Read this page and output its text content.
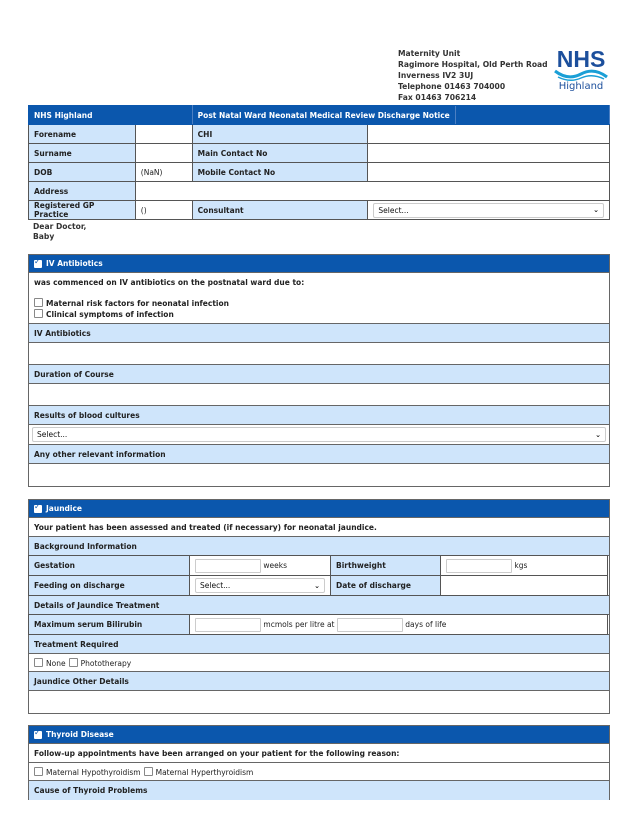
Maternity Unit
Ragimore Hospital, Old Perth Road
Inverness IV2 3UJ
Telephone 01463 704000
Fax 01463 706214
NHS
Highland
NHS Highland		Post Natal Ward Neonatal Medical Review Discharge Notice	

Forename		CHI	
Surname		Main Contact No	
DOB	(NaN)	Mobile Contact No	
Address			
Registered GP Practice	()	Consultant	Select... ⌄
Dear Doctor,
Baby
✓
IV Antibiotics
was commenced on IV antibiotics on the postnatal ward due to:
Maternal risk factors for neonatal infection
Clinical symptoms of infection
IV Antibiotics
Duration of Course
Results of blood cultures
Select...	⌄
Any other relevant information
✓
Jaundice
Your patient has been assessed and treated (if necessary) for neonatal jaundice.
Background Information
Gestation	weeks	Birthweight	kgs
Feeding on discharge	Select... ⌄	Date of discharge	
Details of Jaundice Treatment
Maximum serum Bilirubin	mcmols per litre at	days of life
Treatment Required
None	Phototherapy
Jaundice Other Details
✓
Thyroid Disease
Follow-up appointments have been arranged on your patient for the following reason:
Maternal Hypothyroidism	Maternal Hyperthyroidism
Cause of Thyroid Problems
